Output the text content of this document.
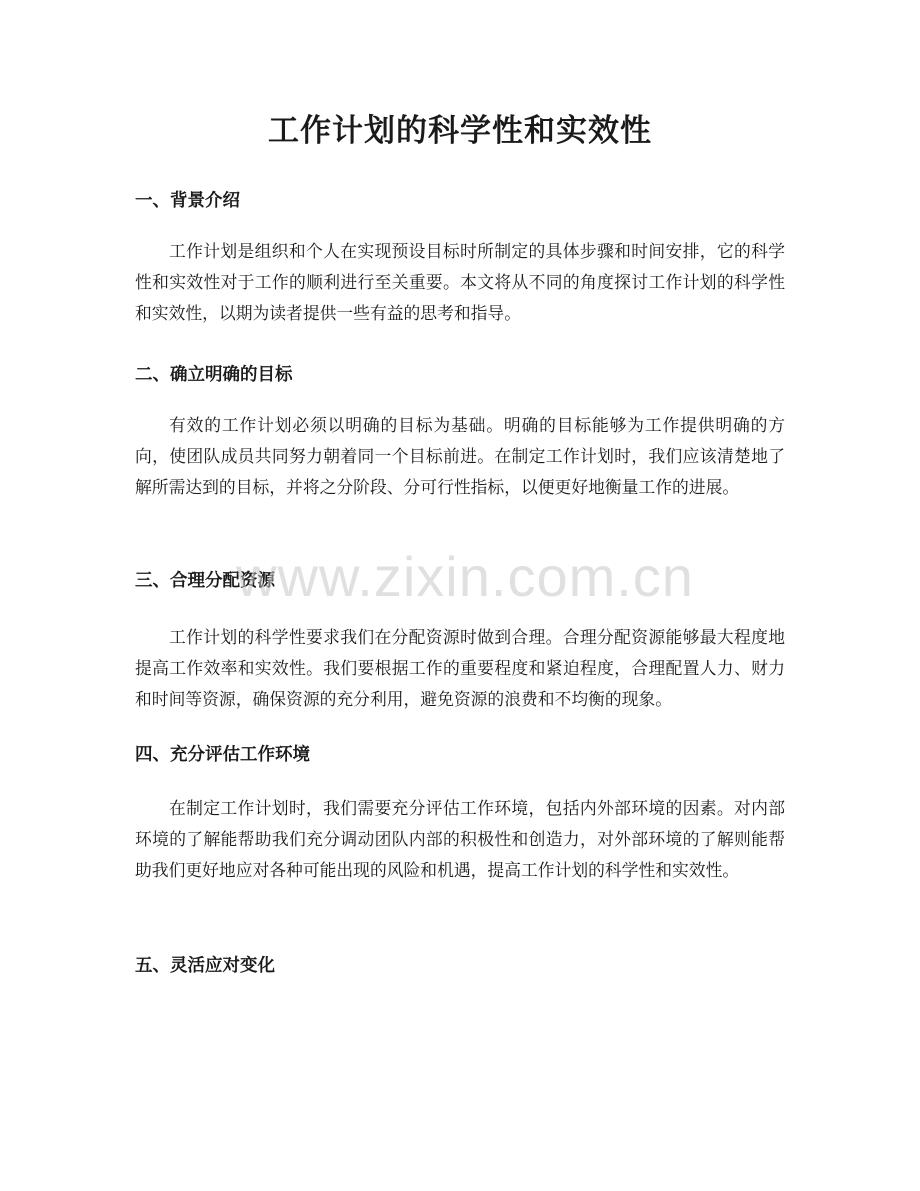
工作计划的科学性和实效性
一、背景介绍

工作计划是组织和个人在实现预设目标时所制定的具体步骤和时间安排，它的科学性和实效性对于工作的顺利进行至关重要。本文将从不同的角度探讨工作计划的科学性和实效性，以期为读者提供一些有益的思考和指导。

二、确立明确的目标

有效的工作计划必须以明确的目标为基础。明确的目标能够为工作提供明确的方向，使团队成员共同努力朝着同一个目标前进。在制定工作计划时，我们应该清楚地了解所需达到的目标，并将之分阶段、分可行性指标，以便更好地衡量工作的进展。

三、合理分配资源

工作计划的科学性要求我们在分配资源时做到合理。合理分配资源能够最大程度地提高工作效率和实效性。我们要根据工作的重要程度和紧迫程度，合理配置人力、财力和时间等资源，确保资源的充分利用，避免资源的浪费和不均衡的现象。

四、充分评估工作环境

在制定工作计划时，我们需要充分评估工作环境，包括内外部环境的因素。对内部环境的了解能帮助我们充分调动团队内部的积极性和创造力，对外部环境的了解则能帮助我们更好地应对各种可能出现的风险和机遇，提高工作计划的科学性和实效性。

五、灵活应对变化
www.zixin.com.cn
